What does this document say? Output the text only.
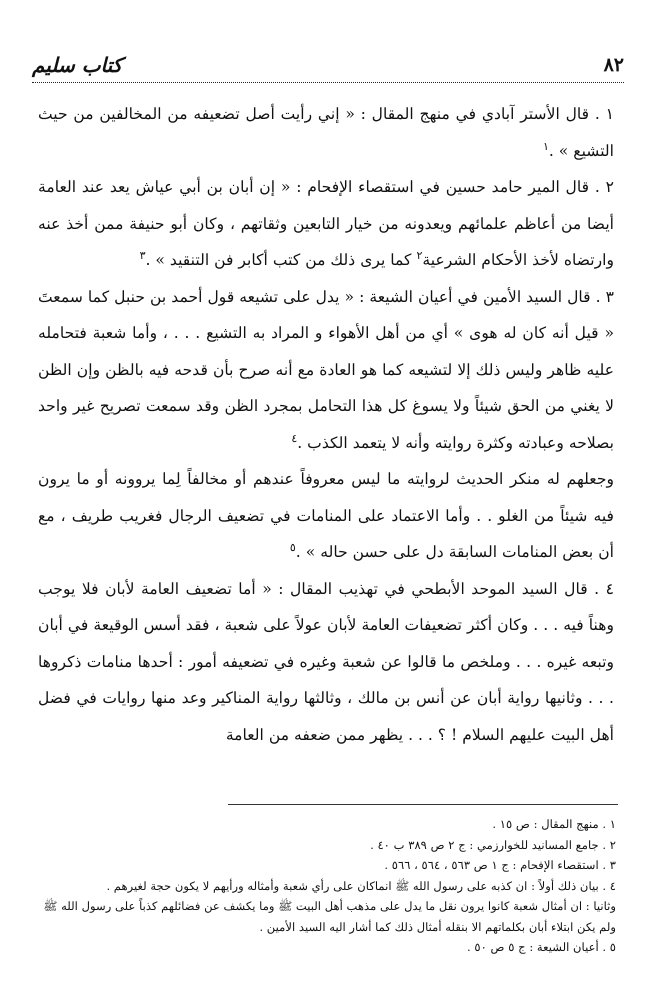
٨٢
كتاب سليم

١ . قال الأستر آبادي في منهج المقال : « إني رأيت أصل تضعيفه من المخالفين من حيث التشيع » .$^١$

٢ . قال المير حامد حسين في استقصاء الإفحام : « إن أبان بن أبي عياش يعد عند العامة أيضا من أعاظم علمائهم ويعدونه من خيار التابعين وثقاتهم ، وكان أبو حنيفة ممن أخذ عنه وارتضاه لأخذ الأحكام الشرعية$^٢$ كما يرى ذلك من كتب أكابر فن التنقيد » .$^٣$

٣ . قال السيد الأمين في أعيان الشيعة : « يدل على تشيعه قول أحمد بن حنبل كما سمعتَ « قيل أنه كان له هوى » أي من أهل الأهواء و المراد به التشيع . . . ، وأما شعبة فتحامله عليه ظاهر وليس ذلك إلا لتشيعه كما هو العادة مع أنه صرح بأن قدحه فيه بالظن وإن الظن لا يغني من الحق شيئاً ولا يسوغ كل هذا التحامل بمجرد الظن وقد سمعت تصريح غير واحد بصلاحه وعبادته وكثرة روايته وأنه لا يتعمد الكذب .$^٤$

وجعلهم له منكر الحديث لروايته ما ليس معروفاً عندهم أو مخالفاً لِما يروونه أو ما يرون فيه شيئاً من الغلو . . وأما الاعتماد على المنامات في تضعيف الرجال فغريب طريف ، مع أن بعض المنامات السابقة دل على حسن حاله » .$^٥$

٤ . قال السيد الموحد الأبطحي في تهذيب المقال : « أما تضعيف العامة لأبان فلا يوجب وهناً فيه . . . وكان أكثر تضعيفات العامة لأبان عولاً على شعبة ، فقد أسس الوقيعة في أبان وتبعه غيره . . . وملخص ما قالوا عن شعبة وغيره في تضعيفه أمور : أحدها منامات ذكروها . . . وثانيها رواية أبان عن أنس بن مالك ، وثالثها رواية المناكير وعد منها روايات في فضل أهل البيت عليهم السلام ! ؟ . . . يظهر ممن ضعفه من العامة

١ . منهج المقال : ص ١٥ .

٢ . جامع المسانيد للخوارزمي : ج ٢ ص ٣٨٩ ب ٤٠ .

٣ . استقصاء الإفحام : ج ١ ص ٥٦٣ ، ٥٦٤ ، ٥٦٦ .

٤ . بيان ذلك أولاً : ان كذبه على رسول الله ﷺ انماكان على رأي شعبة وأمثاله ورأيهم لا يكون حجة لغيرهم .

وثانيا : ان أمثال شعبة كانوا يرون نقل ما يدل على مذهب أهل البيت ﷺ وما يكشف عن فضائلهم كذباً على رسول الله ﷺ ولم يكن ابتلاء أبان بكلماتهم الا بنقله أمثال ذلك كما أشار اليه السيد الأمين .

٥ . أعيان الشيعة : ج ٥ ص ٥٠ .
